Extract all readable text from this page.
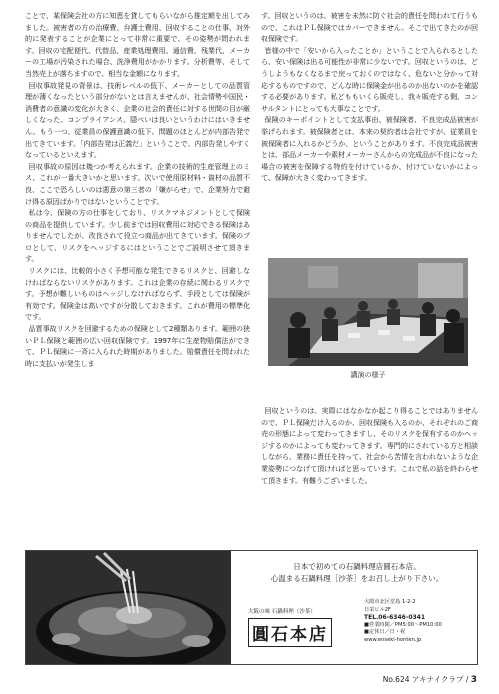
ことで、某保険会社の方に知恵を貸してもらいながら推定額を出してみました。被害者の方の治療費、弁護士費用、回収することの仕事、対外的に発表することが企業にとって非常に重要で、その姿勢が問われます。回収の宅配便代、代替品、産業処理費用、通信費、残業代、メーカーの工場が汚染された場合、洗浄費用がかかります。分析費等、そして当然売上が落ちますので、相当な金額になります。

回収事故発見の背景は、技術レベルの低下、メーカーとしての品質管理が薄くなったという部分がないとは言えませんが、社会情勢や国民・消費者の意識の変化が大きく、企業の社会的責任に対する世間の目が厳しくなった、コンプライアンス、隠ぺいは良いというわけにはいきません。もう一つ、従業員の保護意識の低下。問題のほとんどが内部告発で出てきています。「内部告発は正義だ」ということで、内部告発しやすくなっているといえます。

回収事故の原因は幾つか考えられます。企業の技術的生産管理上のミス、これが一番大きいかと思います。次いで使用原材料・資材の品質不良、ここで恐ろしいのは悪意の第三者の「嫌がらせ」で、企業努力で避け得る原因ばかりではないということです。

私は今、保険の方の仕事をしており、リスクマネジメントとして保険の商品を提供しています。少し前までは回収費用に対応できる保険はありませんでしたが、改良されて役立つ商品が出てきています。保険のプロとして、リスクをヘッジするにはということでご説明させて頂きます。

リスクには、比較的小さく予想可能な発生できるリスクと、回避しなければならないリスクがあります。これは企業の存続に関わるリスクです。予想が難しいものはヘッジしなければならず、手段としては保険が有効です。保険金は高いですが分散しておきます。これが費用の標準化です。

品質事故リスクを回避するための保険として2種類あります。範囲の狭いＰＬ保険と範囲の広い回収保険です。1997年に生産物賠償法ができて、ＰＬ保険に一斉に入られた時期がありました。賠償責任を問われた時に支払いが発生しま

す。回収というのは、被害を未然に防ぐ社会的責任を問われて行うもので、これはＰＬ保険ではカバーできません。そこで出てきたのが回収保険です。

皆様の中で「安いから入ったことか」ということで入られるとしたら、安い保険は出る可能性が非常に少ないです。回収というのは、どうしようもなくなるまで戻っておくのではなく、危ないと分かって対応するものですので、どんな時に保険金が出るのか出ないのかを確認する必要があります。私どももいくら販売し、我々販売する側、コンサルタントにとっても大事なことです。

保険のキーポイントとして支払事由、被保険者、不良完成品被害が挙げられます。被保険者とは、本来の契約者は会社ですが、従業員を被保険者に入れるかどうか、ということがあります。不良完成品被害とは、部品メーカーや素材メーカーさんからの完成品が不良になった場合の被害を保障する特約を付けているか、付けていないかによって、保障が大きく変わってきます。

講演の様子

回収というのは、実際にはなかなか起こり得ることではありませんので、ＰＬ保険だけ入るのか、回収保険も入るのか、それぞれのご商売の形態によって変わってきますし、そのリスクを保有するのかヘッジするのかによっても変わってきます。専門的にされている方と相談しながら、業務に責任を持って、社会から苦情を言われないような企業姿勢につなげて頂ければと思っています。これで私の話を終わらせて頂きます。有難うございました。

日本で初めての石鍋料理店圓石本店。
心温まる石鍋料理［沙茶］をお召し上がり下さい。
大阪の味 石鍋料理（沙茶）
圓石本店
大阪市北区堂島 1-2-2
日栄ビル2F
TEL.06-6346-0341
■営業時間／PM5:00～PM10:00
■定休日／日・祝
www.enseki-honten.jp
No.624 アキナイクラブ / 3
